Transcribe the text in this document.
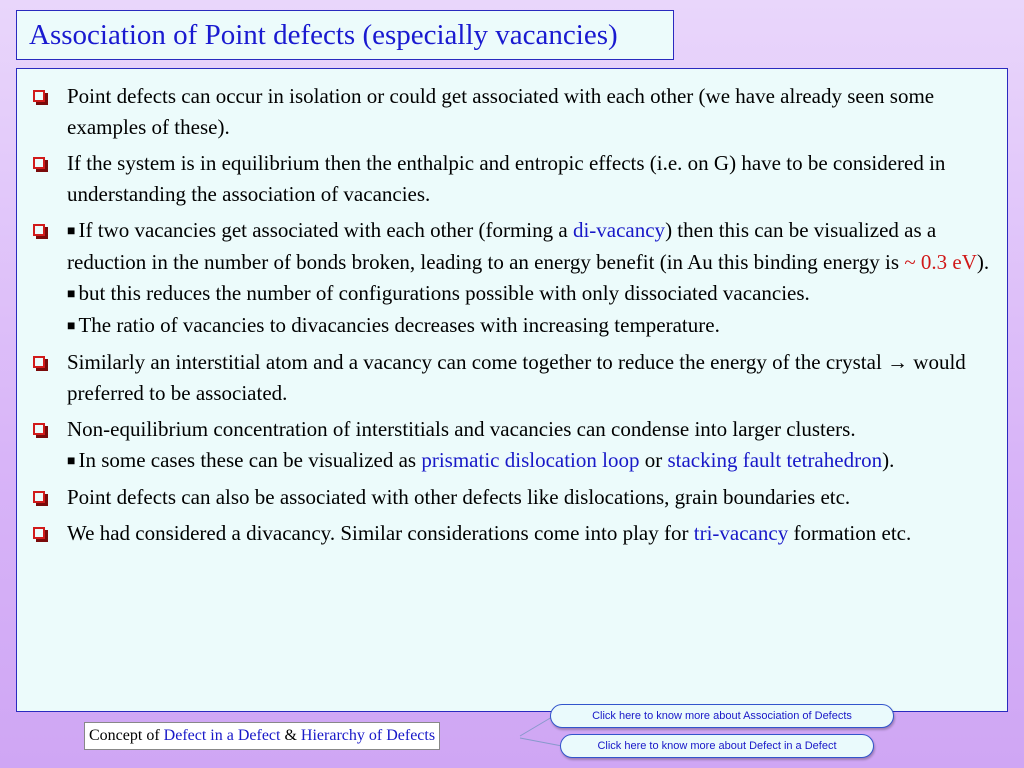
Association of Point defects (especially vacancies)
Point defects can occur in isolation or could get associated with each other (we have already seen some examples of these).
If the system is in equilibrium then the enthalpic and entropic effects (i.e. on G) have to be considered in understanding the association of vacancies.
■ If two vacancies get associated with each other (forming a di-vacancy) then this can be visualized as a reduction in the number of bonds broken, leading to an energy benefit (in Au this binding energy is ~ 0.3 eV).
■ but this reduces the number of configurations possible with only dissociated vacancies.
■ The ratio of vacancies to divacancies decreases with increasing temperature.
Similarly an interstitial atom and a vacancy can come together to reduce the energy of the crystal → would preferred to be associated.
Non-equilibrium concentration of interstitials and vacancies can condense into larger clusters.
■ In some cases these can be visualized as prismatic dislocation loop or stacking fault tetrahedron).
Point defects can also be associated with other defects like dislocations, grain boundaries etc.
We had considered a divacancy. Similar considerations come into play for tri-vacancy formation etc.
Concept of Defect in a Defect & Hierarchy of Defects
Click here to know more about Association of Defects
Click here to know more about Defect in a Defect
